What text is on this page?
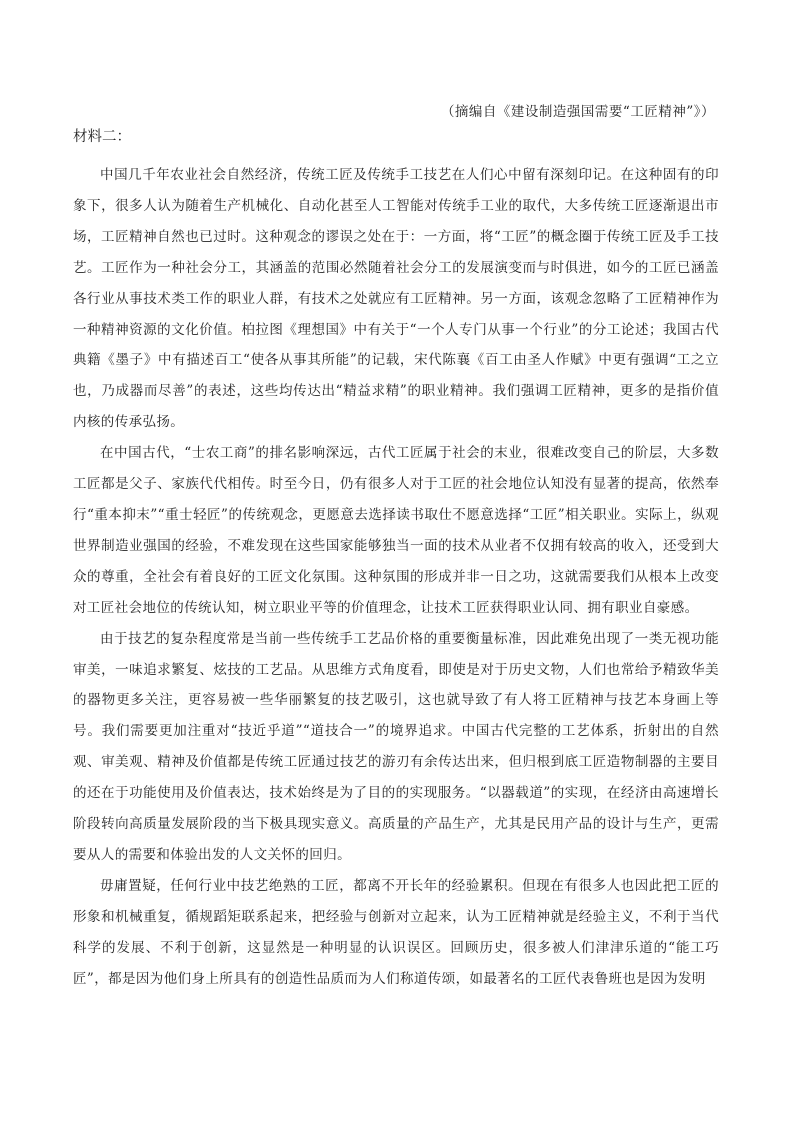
（摘编自《建设制造强国需要“工匠精神”》）
材料二：

中国几千年农业社会自然经济，传统工匠及传统手工技艺在人们心中留有深刻印记。在这种固有的印象下，很多人认为随着生产机械化、自动化甚至人工智能对传统手工业的取代，大多传统工匠逐渐退出市场，工匠精神自然也已过时。这种观念的谬误之处在于：一方面，将“工匠”的概念圈于传统工匠及手工技艺。工匠作为一种社会分工，其涵盖的范围必然随着社会分工的发展演变而与时俱进，如今的工匠已涵盖各行业从事技术类工作的职业人群，有技术之处就应有工匠精神。另一方面，该观念忽略了工匠精神作为一种精神资源的文化价值。柏拉图《理想国》中有关于“一个人专门从事一个行业”的分工论述；我国古代典籍《墨子》中有描述百工“使各从事其所能”的记载，宋代陈襄《百工由圣人作赋》中更有强调“工之立也，乃成器而尽善”的表述，这些均传达出“精益求精”的职业精神。我们强调工匠精神，更多的是指价值内核的传承弘扬。

在中国古代，“士农工商”的排名影响深远，古代工匠属于社会的末业，很难改变自己的阶层，大多数工匠都是父子、家族代代相传。时至今日，仍有很多人对于工匠的社会地位认知没有显著的提高，依然奉行“重本抑末”“重士轻匠”的传统观念，更愿意去选择读书取仕不愿意选择“工匠”相关职业。实际上，纵观世界制造业强国的经验，不难发现在这些国家能够独当一面的技术从业者不仅拥有较高的收入，还受到大众的尊重，全社会有着良好的工匠文化氛围。这种氛围的形成并非一日之功，这就需要我们从根本上改变对工匠社会地位的传统认知，树立职业平等的价值理念，让技术工匠获得职业认同、拥有职业自豪感。

由于技艺的复杂程度常是当前一些传统手工艺品价格的重要衡量标准，因此难免出现了一类无视功能审美，一味追求繁复、炫技的工艺品。从思维方式角度看，即使是对于历史文物，人们也常给予精致华美的器物更多关注，更容易被一些华丽繁复的技艺吸引，这也就导致了有人将工匠精神与技艺本身画上等号。我们需要更加注重对“技近乎道”“道技合一”的境界追求。中国古代完整的工艺体系，折射出的自然观、审美观、精神及价值都是传统工匠通过技艺的游刃有余传达出来，但归根到底工匠造物制器的主要目的还在于功能使用及价值表达，技术始终是为了目的的实现服务。“以器载道”的实现，在经济由高速增长阶段转向高质量发展阶段的当下极具现实意义。高质量的产品生产，尤其是民用产品的设计与生产，更需要从人的需要和体验出发的人文关怀的回归。

毋庸置疑，任何行业中技艺绝熟的工匠，都离不开长年的经验累积。但现在有很多人也因此把工匠的形象和机械重复，循规蹈矩联系起来，把经验与创新对立起来，认为工匠精神就是经验主义，不利于当代科学的发展、不利于创新，这显然是一种明显的认识误区。回顾历史，很多被人们津津乐道的“能工巧匠”，都是因为他们身上所具有的创造性品质而为人们称道传颂，如最著名的工匠代表鲁班也是因为发明
